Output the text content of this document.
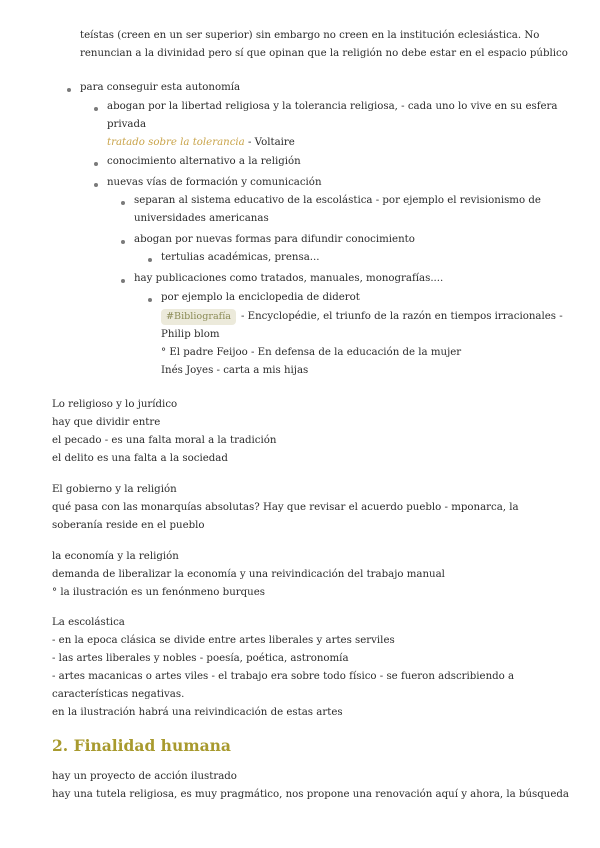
teístas (creen en un ser superior) sin embargo no creen en la institución eclesiástica. No
renuncian a la divinidad pero sí que opinan que la religión no debe estar en el espacio público
para conseguir esta autonomía
abogan por la libertad religiosa y la tolerancia religiosa, - cada uno lo vive en su esfera
privada
tratado sobre la tolerancia - Voltaire
conocimiento alternativo a la religión
nuevas vías de formación y comunicación
separan al sistema educativo de la escolástica - por ejemplo el revisionismo de
universidades americanas
abogan por nuevas formas para difundir conocimiento
tertulias académicas, prensa...
hay publicaciones como tratados, manuales, monografías....
por ejemplo la enciclopedia de diderot
#Bibliografía - Encyclopédie, el triunfo de la razón en tiempos irracionales -
Philip blom
° El padre Feijoo - En defensa de la educación de la mujer
Inés Joyes - carta a mis hijas
Lo religioso y lo jurídico
hay que dividir entre
el pecado - es una falta moral a la tradición
el delito es una falta a la sociedad
El gobierno y la religión
qué pasa con las monarquías absolutas? Hay que revisar el acuerdo pueblo - mponarca, la
soberanía reside en el pueblo
la economía y la religión
demanda de liberalizar la economía y una reivindicación del trabajo manual
° la ilustración es un fenónmeno burques
La escolástica
- en la epoca clásica se divide entre artes liberales y artes serviles
- las artes liberales y nobles - poesía, poética, astronomía
- artes macanicas o artes viles - el trabajo era sobre todo físico - se fueron adscribiendo a
características negativas.
en la ilustración habrá una reivindicación de estas artes
2. Finalidad humana
hay un proyecto de acción ilustrado
hay una tutela religiosa, es muy pragmático, nos propone una renovación aquí y ahora, la búsqueda
